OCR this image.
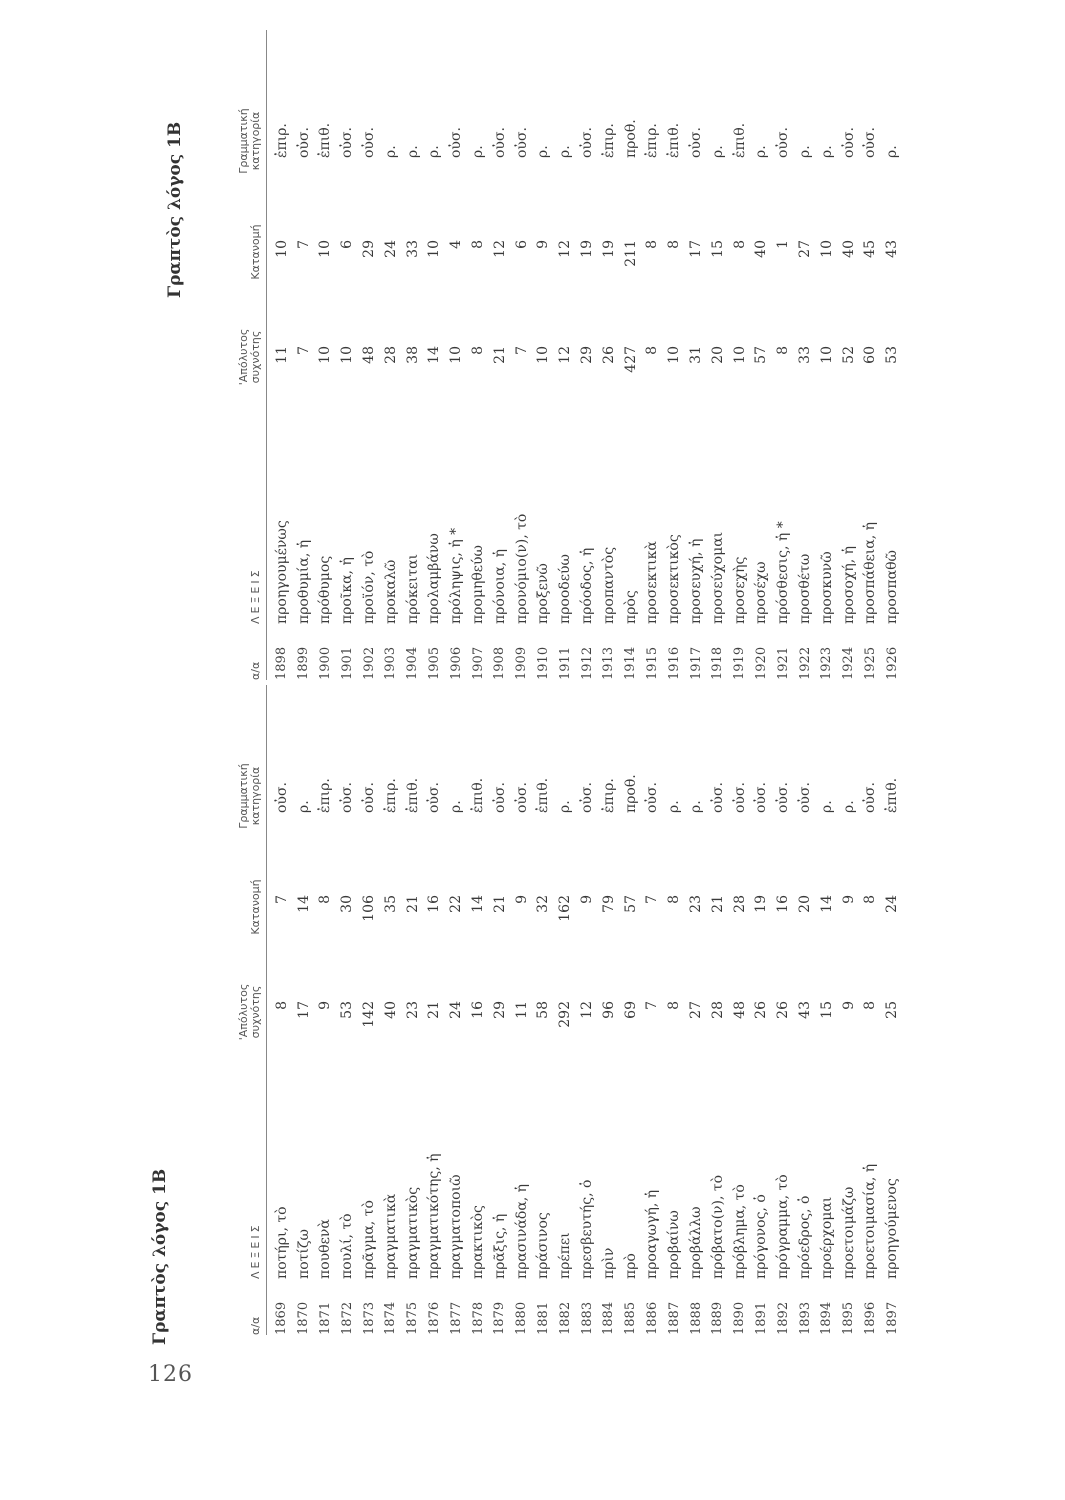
126
Γραπτὸς λόγος 1Β
Γραπτὸς λόγος 1Β
α/α
ΛΕΞΕΙΣ
'Απόλυτος συχνότης
Κατανομή
Γραμματική κατηγορία
1869
ποτήρι, τὸ
8
7
οὐσ.
1870
ποτίζω
17
14
ρ.
1871
πουθενὰ
9
8
ἐπιρ.
1872
πουλί, τὸ
53
30
οὐσ.
1873
πρᾶγμα, τὸ
142
106
οὐσ.
1874
πραγματικὰ
40
35
ἐπιρ.
1875
πραγματικὸς
23
21
ἐπιθ.
1876
πραγματικότης, ἡ
21
16
οὐσ.
1877
πραγματοποιῶ
24
22
ρ.
1878
πρακτικὸς
16
14
ἐπιθ.
1879
πρᾶξις, ἡ
29
21
οὐσ.
1880
πρασινάδα, ἡ
11
9
οὐσ.
1881
πράσινος
58
32
ἐπιθ.
1882
πρέπει
292
162
ρ.
1883
πρεσβευτής, ὁ
12
9
οὐσ.
1884
πρὶν
96
79
ἐπιρ.
1885
πρὸ
69
57
προθ.
1886
προαγωγή, ἡ
7
7
οὐσ.
1887
προβαίνω
8
8
ρ.
1888
προβάλλω
27
23
ρ.
1889
πρόβατο(ν), τὸ
28
21
οὐσ.
1890
πρόβλημα, τὸ
48
28
οὐσ.
1891
πρόγονος, ὁ
26
19
οὐσ.
1892
πρόγραμμα, τὸ
26
16
οὐσ.
1893
πρόεδρος, ὁ
43
20
οὐσ.
1894
προέρχομαι
15
14
ρ.
1895
προετοιμάζω
9
9
ρ.
1896
προετοιμασία, ἡ
8
8
οὐσ.
1897
προηγούμενος
25
24
ἐπιθ.
α/α
ΛΕΞΕΙΣ
'Απόλυτος συχνότης
Κατανομή
Γραμματική κατηγορία
1898
προηγουμένως
11
10
ἐπιρ.
1899
προθυμία, ἡ
7
7
οὐσ.
1900
πρόθυμος
10
10
ἐπιθ.
1901
προῖκα, ἡ
10
6
οὐσ.
1902
προϊόν, τὸ
48
29
οὐσ.
1903
προκαλῶ
28
24
ρ.
1904
πρόκειται
38
33
ρ.
1905
προλαμβάνω
14
10
ρ.
1906
πρόληψις, ἡ *
10
4
οὐσ.
1907
προμηθεύω
8
8
ρ.
1908
πρόνοια, ἡ
21
12
οὐσ.
1909
προνόμιο(ν), τὸ
7
6
οὐσ.
1910
προξενῶ
10
9
ρ.
1911
προοδεύω
12
12
ρ.
1912
πρόοδος, ἡ
29
19
οὐσ.
1913
προπαντὸς
26
19
ἐπιρ.
1914
πρὸς
427
211
προθ.
1915
προσεκτικὰ
8
8
ἐπιρ.
1916
προσεκτικὸς
10
8
ἐπιθ.
1917
προσευχή, ἡ
31
17
οὐσ.
1918
προσεύχομαι
20
15
ρ.
1919
προσεχὴς
10
8
ἐπιθ.
1920
προσέχω
57
40
ρ.
1921
πρόσθεσις, ἡ *
8
1
οὐσ.
1922
προσθέτω
33
27
ρ.
1923
προσκυνῶ
10
10
ρ.
1924
προσοχή, ἡ
52
40
οὐσ.
1925
προσπάθεια, ἡ
60
45
οὐσ.
1926
προσπαθῶ
53
43
ρ.
